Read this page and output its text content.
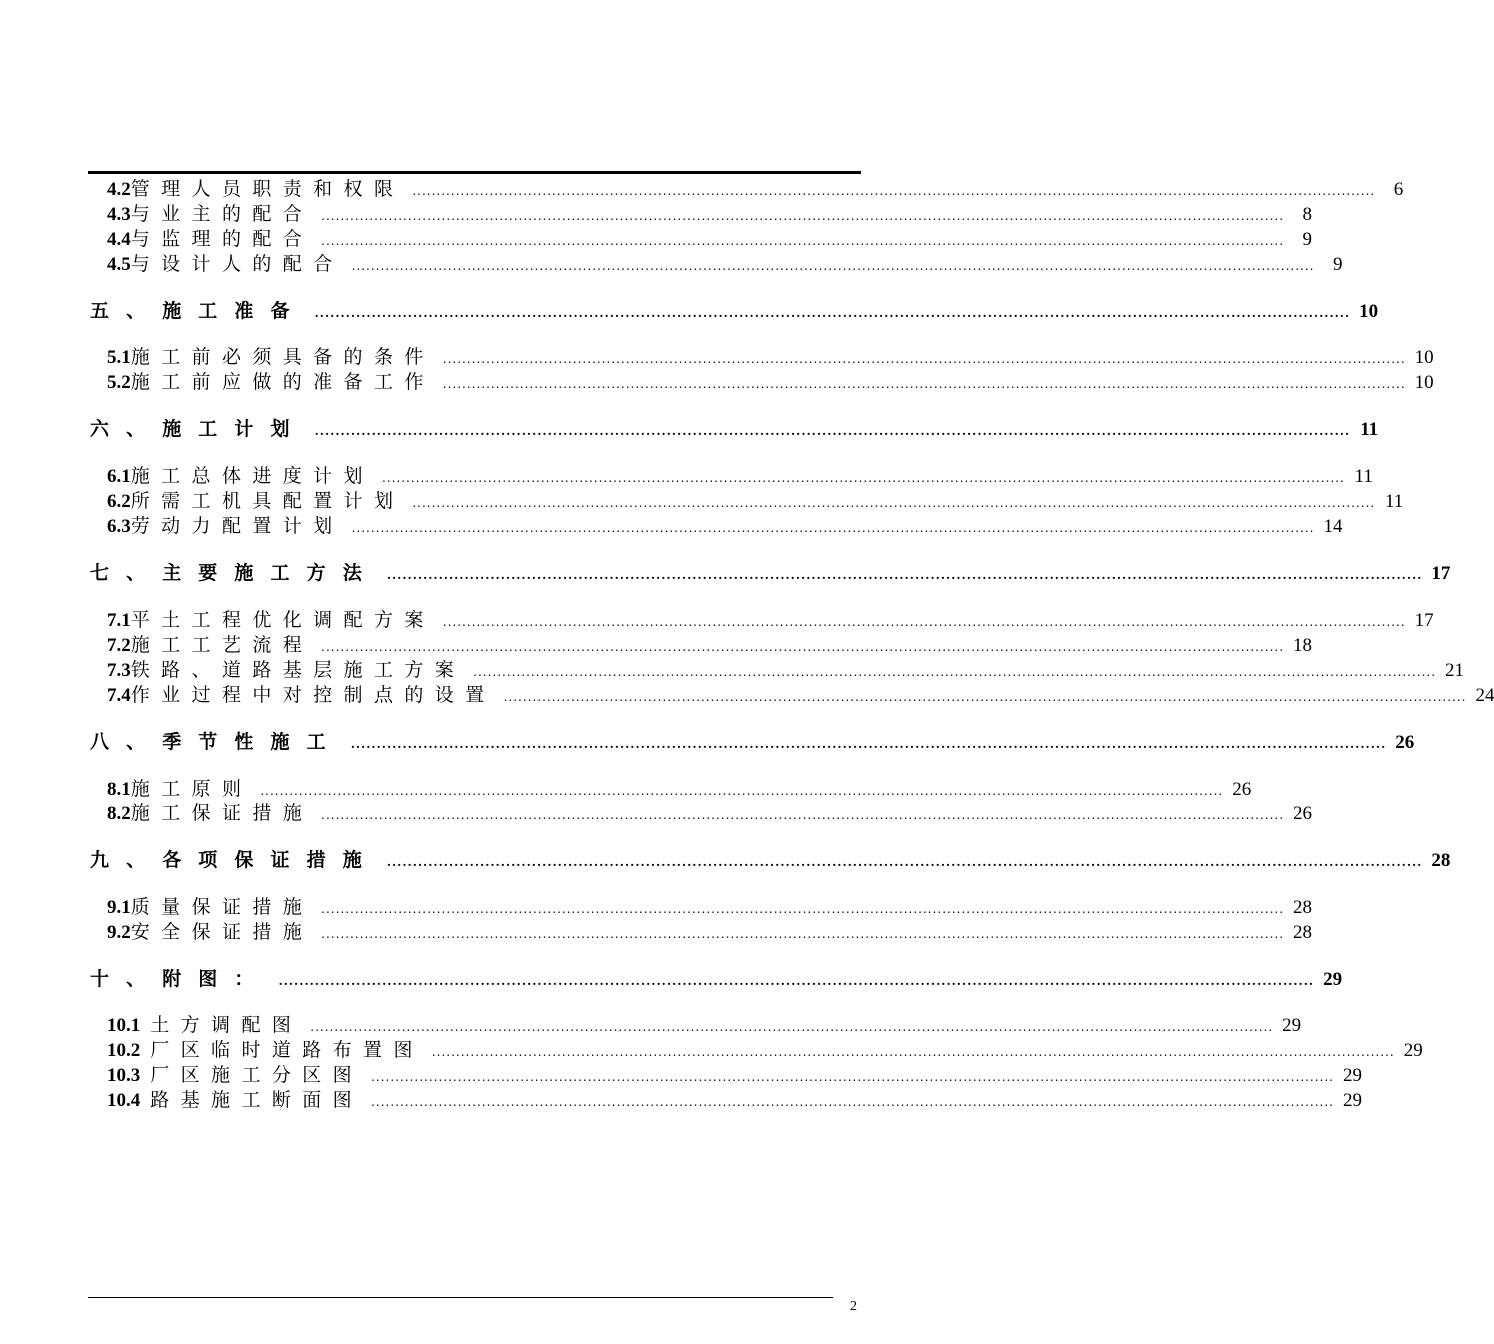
4.2 管理人员职责和权限 ........................................................................................................................................................................................................ 6
4.3 与业主的配合 ........................................................................................................................................................................................................ 8
4.4 与监理的配合 ........................................................................................................................................................................................................ 9
4.5 与设计人的配合 ........................................................................................................................................................................................................ 9
五、施工准备 ........................................................................................................................................................................................................ 10
5.1 施工前必须具备的条件 ........................................................................................................................................................................................................ 10
5.2 施工前应做的准备工作 ........................................................................................................................................................................................................ 10
六、施工计划 ........................................................................................................................................................................................................ 11
6.1 施工总体进度计划 ........................................................................................................................................................................................................ 11
6.2 所需工机具配置计划 ........................................................................................................................................................................................................ 11
6.3 劳动力配置计划 ........................................................................................................................................................................................................ 14
七、主要施工方法 ........................................................................................................................................................................................................ 17
7.1 平土工程优化调配方案 ........................................................................................................................................................................................................ 17
7.2 施工工艺流程 ........................................................................................................................................................................................................ 18
7.3 铁路、道路基层施工方案 ........................................................................................................................................................................................................ 21
7.4 作业过程中对控制点的设置 ........................................................................................................................................................................................................ 24
八、季节性施工 ........................................................................................................................................................................................................ 26
8.1 施工原则 ........................................................................................................................................................................................................ 26
8.2 施工保证措施 ........................................................................................................................................................................................................ 26
九、各项保证措施 ........................................................................................................................................................................................................ 28
9.1 质量保证措施 ........................................................................................................................................................................................................ 28
9.2 安全保证措施 ........................................................................................................................................................................................................ 28
十、附图： ........................................................................................................................................................................................................ 29
10.1 土方调配图 ........................................................................................................................................................................................................ 29
10.2 厂区临时道路布置图 ........................................................................................................................................................................................................ 29
10.3 厂区施工分区图 ........................................................................................................................................................................................................ 29
10.4 路基施工断面图 ........................................................................................................................................................................................................ 29
2
